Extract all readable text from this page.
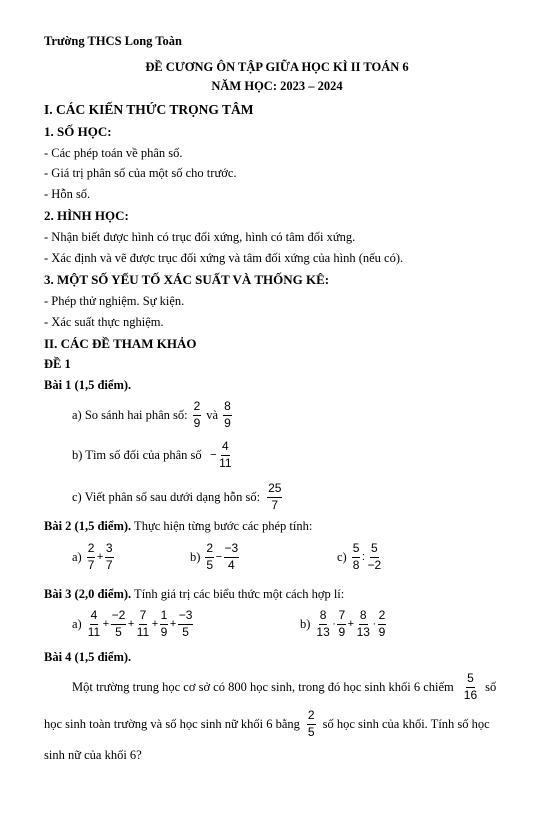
Trường THCS Long Toàn
ĐỀ CƯƠNG ÔN TẬP GIỮA HỌC KÌ II TOÁN 6
NĂM HỌC: 2023 – 2024
I. CÁC KIẾN THỨC TRỌNG TÂM
1. SỐ HỌC:
- Các phép toán về phân số.
- Giá trị phân số của một số cho trước.
- Hỗn số.
2. HÌNH HỌC:
- Nhận biết được hình có trục đối xứng, hình có tâm đối xứng.
- Xác định và vẽ được trục đối xứng và tâm đối xứng của hình (nếu có).
3. MỘT SỐ YẾU TỐ XÁC SUẤT VÀ THỐNG KÊ:
- Phép thử nghiệm. Sự kiện.
- Xác suất thực nghiệm.
II. CÁC ĐỀ THAM KHẢO
ĐỀ 1
Bài 1 (1,5 điểm).
a) So sánh hai phân số: $\frac{2}{9}$ và $\frac{8}{9}$
b) Tìm số đối của phân số − $\frac{4}{11}$
c) Viết phân số sau dưới dạng hỗn số: $\frac{25}{7}$
Bài 2 (1,5 điểm). Thực hiện từng bước các phép tính:
$a) \frac{2}{7} + \frac{3}{7}$	$b) \frac{2}{5} - \frac{-3}{4}$	$c) \frac{5}{8}$ : $\frac{5}{-2}$
Bài 3 (2,0 điểm). Tính giá trị các biểu thức một cách hợp lí:
$a) \frac{4}{11} + \frac{-2}{5} + \frac{7}{11} + \frac{1}{9} + \frac{-3}{5}$	$b) \frac{8}{13} \cdot \frac{7}{9} + \frac{8}{13} \cdot \frac{2}{9}$
Bài 4 (1,5 điểm).
Một trường trung học cơ sở có 800 học sinh, trong đó học sinh khối 6 chiếm $\frac{5}{16}$ số
học sinh toàn trường và số học sinh nữ khối 6 bằng $\frac{2}{5}$ số học sinh của khối. Tính số học
sinh nữ của khối 6?
